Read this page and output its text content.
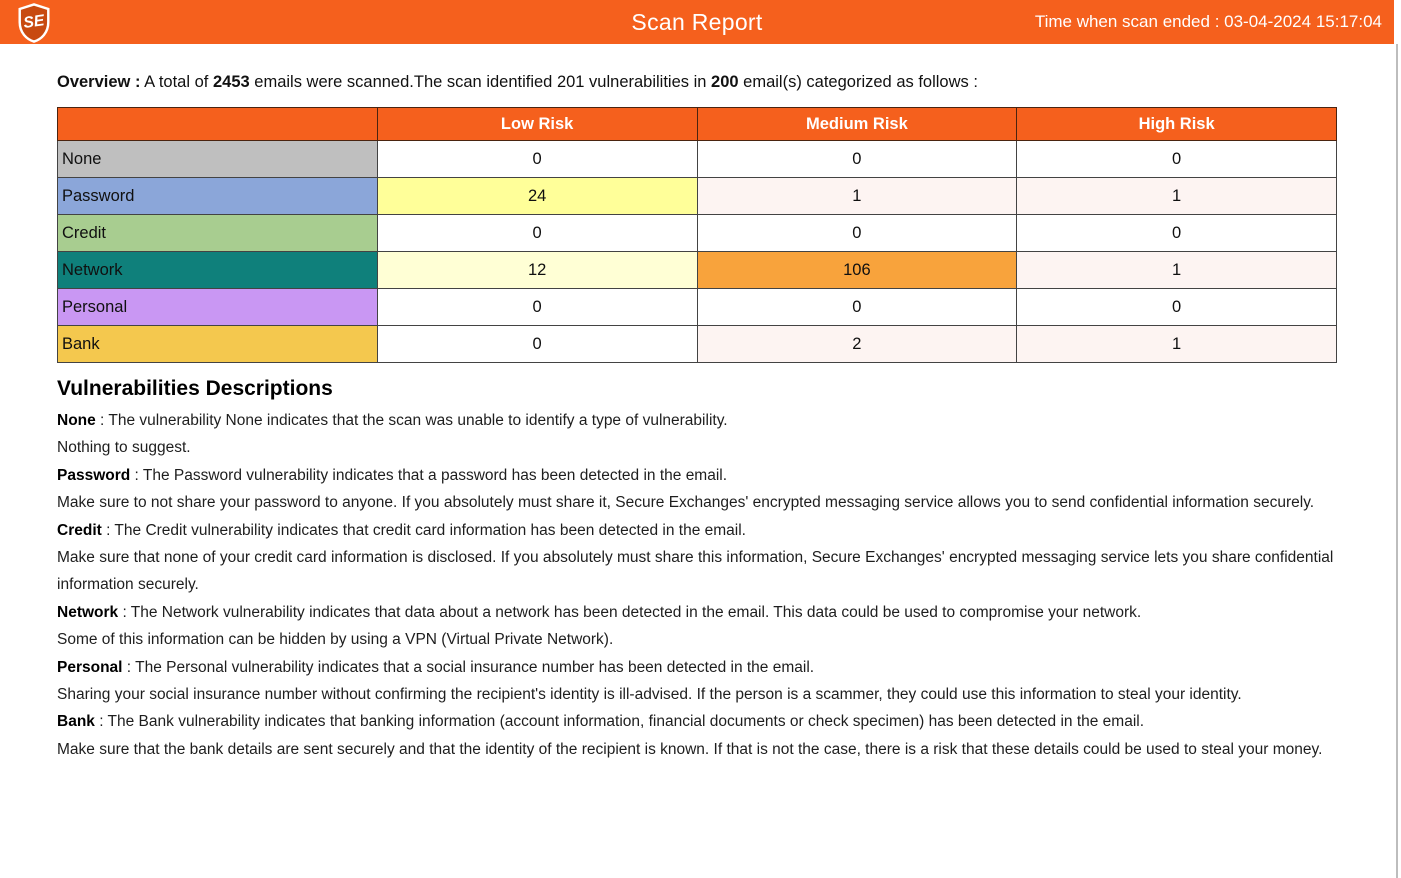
SE	Scan Report	Time when scan ended : 03-04-2024 15:17:04

Overview : A total of 2453 emails were scanned.The scan identified 201 vulnerabilities in 200 email(s) categorized as follows :

	Low Risk	Medium Risk	High Risk
None	0	0	0
Password	24	1	1
Credit	0	0	0
Network	12	106	1
Personal	0	0	0
Bank	0	2	1
Vulnerabilities Descriptions

None : The vulnerability None indicates that the scan was unable to identify a type of vulnerability.

Nothing to suggest.

Password : The Password vulnerability indicates that a password has been detected in the email.

Make sure to not share your password to anyone. If you absolutely must share it, Secure Exchanges' encrypted messaging service allows you to send confidential information securely.

Credit : The Credit vulnerability indicates that credit card information has been detected in the email.

Make sure that none of your credit card information is disclosed. If you absolutely must share this information, Secure Exchanges' encrypted messaging service lets you share confidential information securely.

Network : The Network vulnerability indicates that data about a network has been detected in the email. This data could be used to compromise your network.

Some of this information can be hidden by using a VPN (Virtual Private Network).

Personal : The Personal vulnerability indicates that a social insurance number has been detected in the email.

Sharing your social insurance number without confirming the recipient's identity is ill-advised. If the person is a scammer, they could use this information to steal your identity.

Bank : The Bank vulnerability indicates that banking information (account information, financial documents or check specimen) has been detected in the email.

Make sure that the bank details are sent securely and that the identity of the recipient is known. If that is not the case, there is a risk that these details could be used to steal your money.
